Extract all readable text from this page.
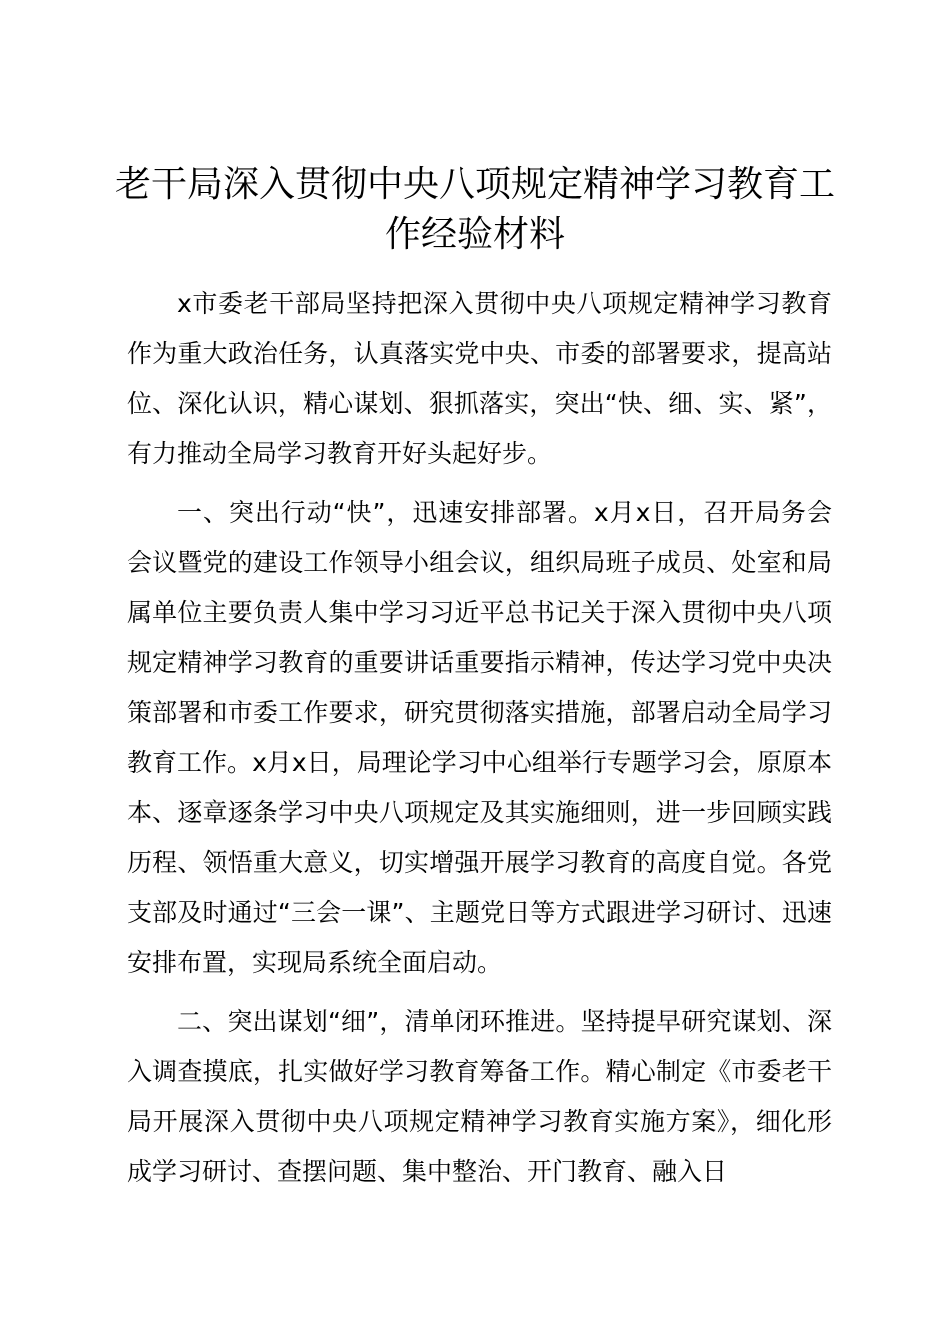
老干局深入贯彻中央八项规定精神学习教育工
作经验材料

x市委老干部局坚持把深入贯彻中央八项规定精神学习教育作为重大政治任务，认真落实党中央、市委的部署要求，提高站位、深化认识，精心谋划、狠抓落实，突出“快、细、实、紧”，有力推动全局学习教育开好头起好步。

一、突出行动“快”，迅速安排部署。x月x日，召开局务会会议暨党的建设工作领导小组会议，组织局班子成员、处室和局属单位主要负责人集中学习习近平总书记关于深入贯彻中央八项规定精神学习教育的重要讲话重要指示精神，传达学习党中央决策部署和市委工作要求，研究贯彻落实措施，部署启动全局学习教育工作。x月x日，局理论学习中心组举行专题学习会，原原本本、逐章逐条学习中央八项规定及其实施细则，进一步回顾实践历程、领悟重大意义，切实增强开展学习教育的高度自觉。各党支部及时通过“三会一课”、主题党日等方式跟进学习研讨、迅速安排布置，实现局系统全面启动。

二、突出谋划“细”，清单闭环推进。坚持提早研究谋划、深入调查摸底，扎实做好学习教育筹备工作。精心制定《市委老干局开展深入贯彻中央八项规定精神学习教育实施方案》，细化形成学习研讨、查摆问题、集中整治、开门教育、融入日
